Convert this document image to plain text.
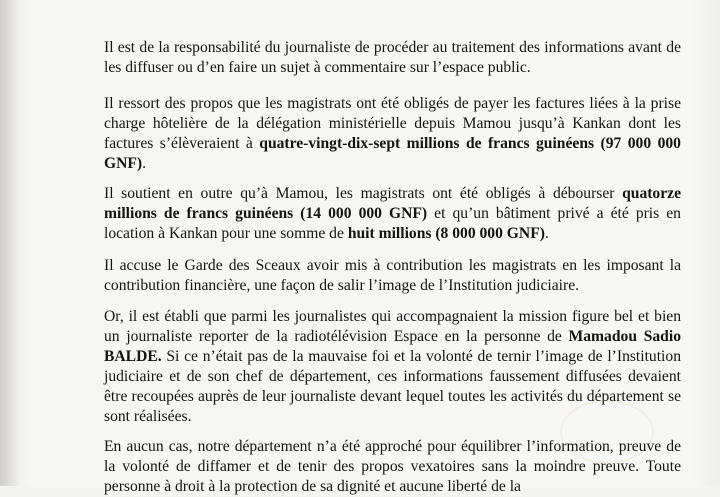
Il est de la responsabilité du journaliste de procéder au traitement des informations avant de les diffuser ou d’en faire un sujet à commentaire sur l’espace public.

Il ressort des propos que les magistrats ont été obligés de payer les factures liées à la prise charge hôtelière de la délégation ministérielle depuis Mamou jusqu’à Kankan dont les factures s’élèveraient à quatre-vingt-dix-sept millions de francs guinéens (97 000 000 GNF).

Il soutient en outre qu’à Mamou, les magistrats ont été obligés à débourser quatorze millions de francs guinéens (14 000 000 GNF) et qu’un bâtiment privé a été pris en location à Kankan pour une somme de huit millions (8 000 000 GNF).

Il accuse le Garde des Sceaux avoir mis à contribution les magistrats en les imposant la contribution financière, une façon de salir l’image de l’Institution judiciaire.

Or, il est établi que parmi les journalistes qui accompagnaient la mission figure bel et bien un journaliste reporter de la radiotélévision Espace en la personne de Mamadou Sadio BALDE. Si ce n’était pas de la mauvaise foi et la volonté de ternir l’image de l’Institution judiciaire et de son chef de département, ces informations faussement diffusées devaient être recoupées auprès de leur journaliste devant lequel toutes les activités du département se sont réalisées.

En aucun cas, notre département n’a été approché pour équilibrer l’information, preuve de la volonté de diffamer et de tenir des propos vexatoires sans la moindre preuve. Toute personne à droit à la protection de sa dignité et aucune liberté de la
